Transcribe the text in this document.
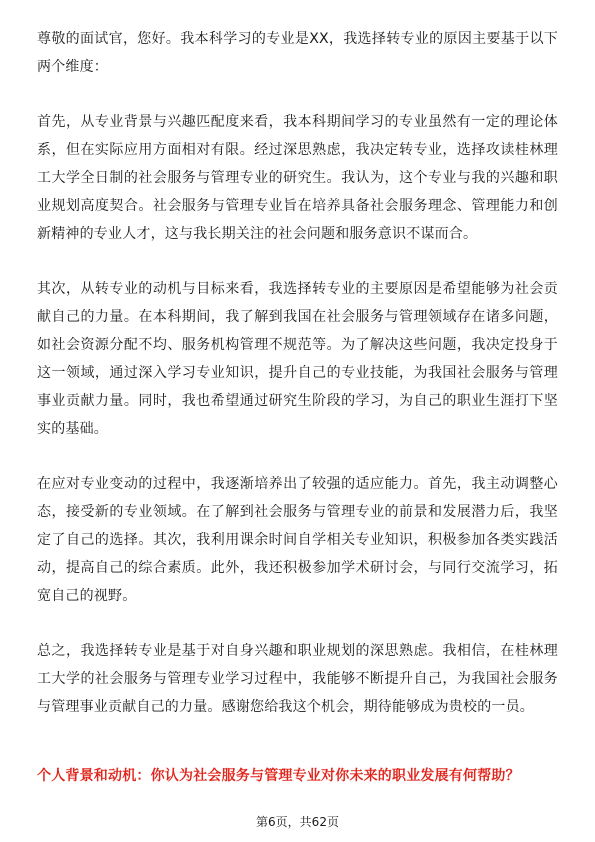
尊敬的面试官，您好。我本科学习的专业是XX，我选择转专业的原因主要基于以下两个维度：

首先，从专业背景与兴趣匹配度来看，我本科期间学习的专业虽然有一定的理论体系，但在实际应用方面相对有限。经过深思熟虑，我决定转专业，选择攻读桂林理工大学全日制的社会服务与管理专业的研究生。我认为，这个专业与我的兴趣和职业规划高度契合。社会服务与管理专业旨在培养具备社会服务理念、管理能力和创新精神的专业人才，这与我长期关注的社会问题和服务意识不谋而合。

其次，从转专业的动机与目标来看，我选择转专业的主要原因是希望能够为社会贡献自己的力量。在本科期间，我了解到我国在社会服务与管理领域存在诸多问题，如社会资源分配不均、服务机构管理不规范等。为了解决这些问题，我决定投身于这一领域，通过深入学习专业知识，提升自己的专业技能，为我国社会服务与管理事业贡献力量。同时，我也希望通过研究生阶段的学习，为自己的职业生涯打下坚实的基础。

在应对专业变动的过程中，我逐渐培养出了较强的适应能力。首先，我主动调整心态，接受新的专业领域。在了解到社会服务与管理专业的前景和发展潜力后，我坚定了自己的选择。其次，我利用课余时间自学相关专业知识，积极参加各类实践活动，提高自己的综合素质。此外，我还积极参加学术研讨会，与同行交流学习，拓宽自己的视野。

总之，我选择转专业是基于对自身兴趣和职业规划的深思熟虑。我相信，在桂林理工大学的社会服务与管理专业学习过程中，我能够不断提升自己，为我国社会服务与管理事业贡献自己的力量。感谢您给我这个机会，期待能够成为贵校的一员。

个人背景和动机：你认为社会服务与管理专业对你未来的职业发展有何帮助？

第6页，共62页
